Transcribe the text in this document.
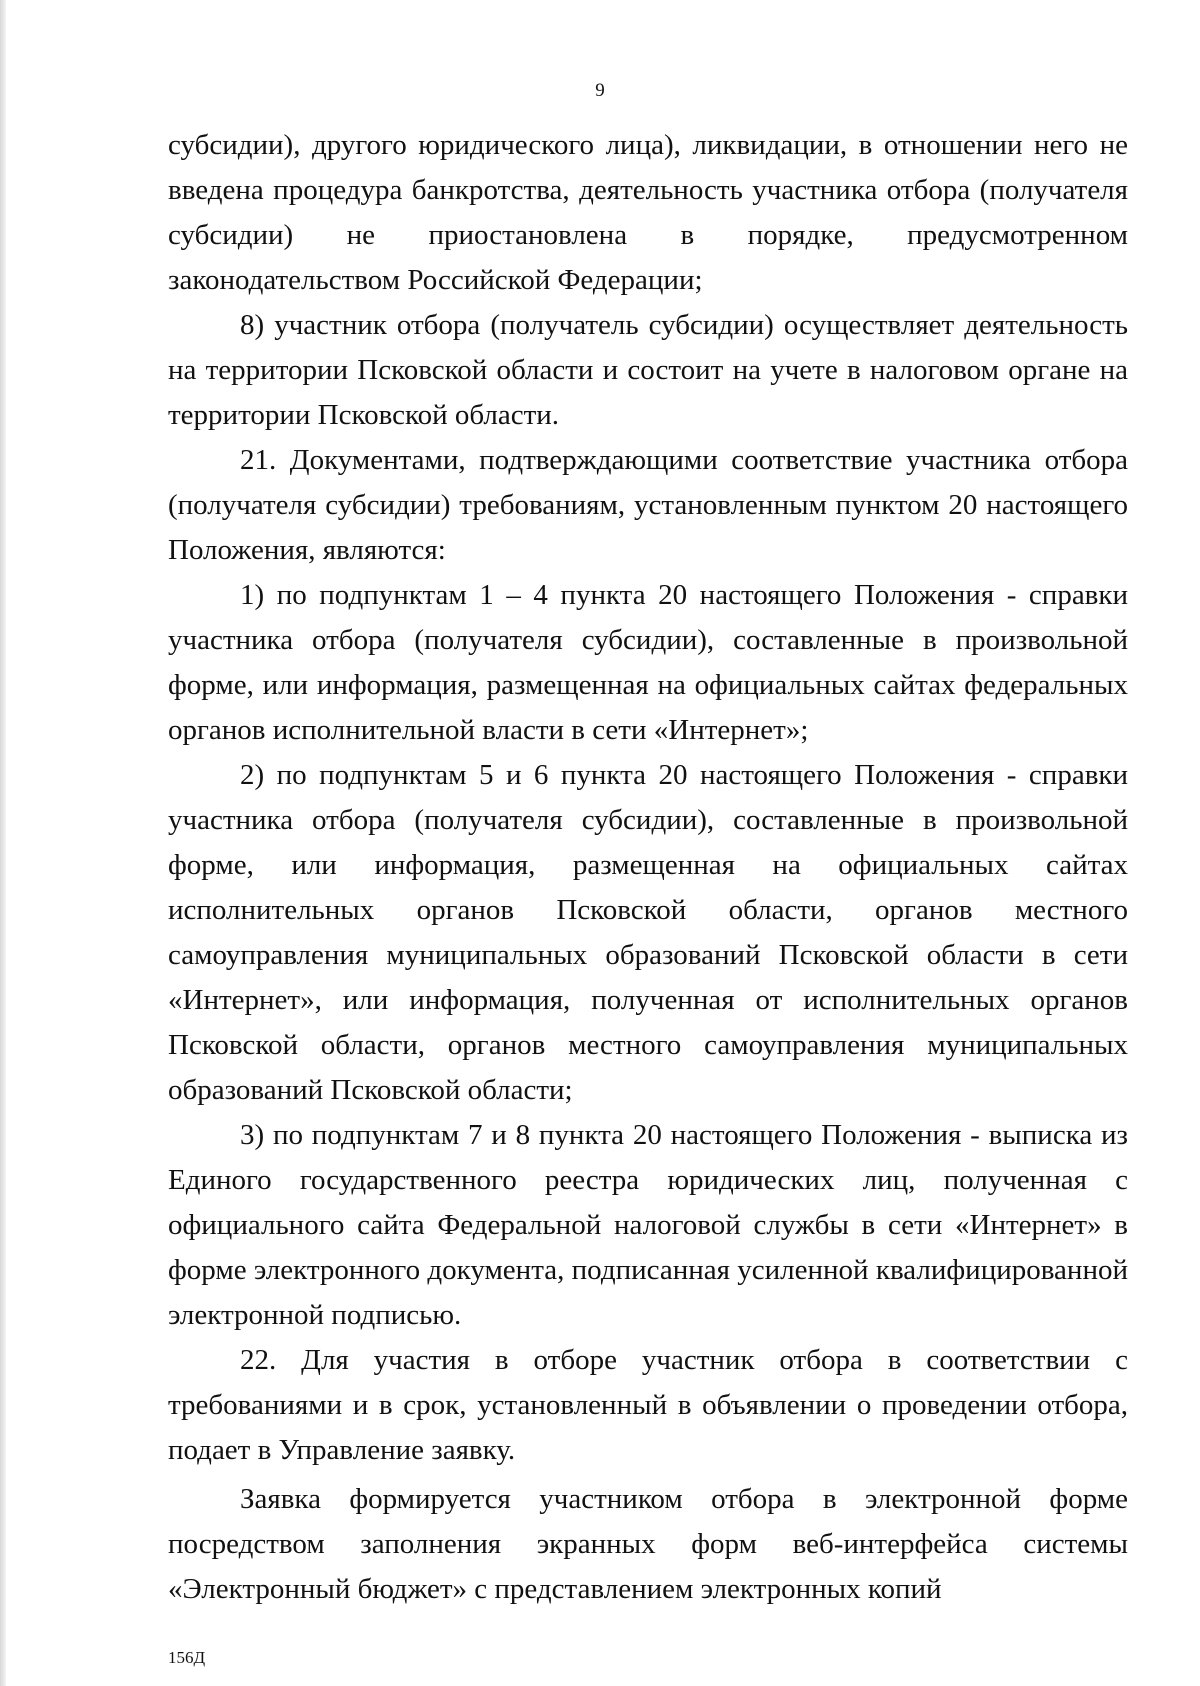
9

субсидии), другого юридического лица), ликвидации, в отношении него не введена процедура банкротства, деятельность участника отбора (получателя субсидии) не приостановлена в порядке, предусмотренном законодательством Российской Федерации;

8) участник отбора (получатель субсидии) осуществляет деятельность на территории Псковской области и состоит на учете в налоговом органе на территории Псковской области.

21. Документами, подтверждающими соответствие участника отбора (получателя субсидии) требованиям, установленным пунктом 20 настоящего Положения, являются:

1) по подпунктам 1 – 4 пункта 20 настоящего Положения - справки участника отбора (получателя субсидии), составленные в произвольной форме, или информация, размещенная на официальных сайтах федеральных органов исполнительной власти в сети «Интернет»;

2) по подпунктам 5 и 6 пункта 20 настоящего Положения - справки участника отбора (получателя субсидии), составленные в произвольной форме, или информация, размещенная на официальных сайтах исполнительных органов Псковской области, органов местного самоуправления муниципальных образований Псковской области в сети «Интернет», или информация, полученная от исполнительных органов Псковской области, органов местного самоуправления муниципальных образований Псковской области;

3) по подпунктам 7 и 8 пункта 20 настоящего Положения - выписка из Единого государственного реестра юридических лиц, полученная с официального сайта Федеральной налоговой службы в сети «Интернет» в форме электронного документа, подписанная усиленной квалифицированной электронной подписью.

22. Для участия в отборе участник отбора в соответствии с требованиями и в срок, установленный в объявлении о проведении отбора, подает в Управление заявку.

Заявка формируется участником отбора в электронной форме посредством заполнения экранных форм веб-интерфейса системы «Электронный бюджет» с представлением электронных копий

156Д
